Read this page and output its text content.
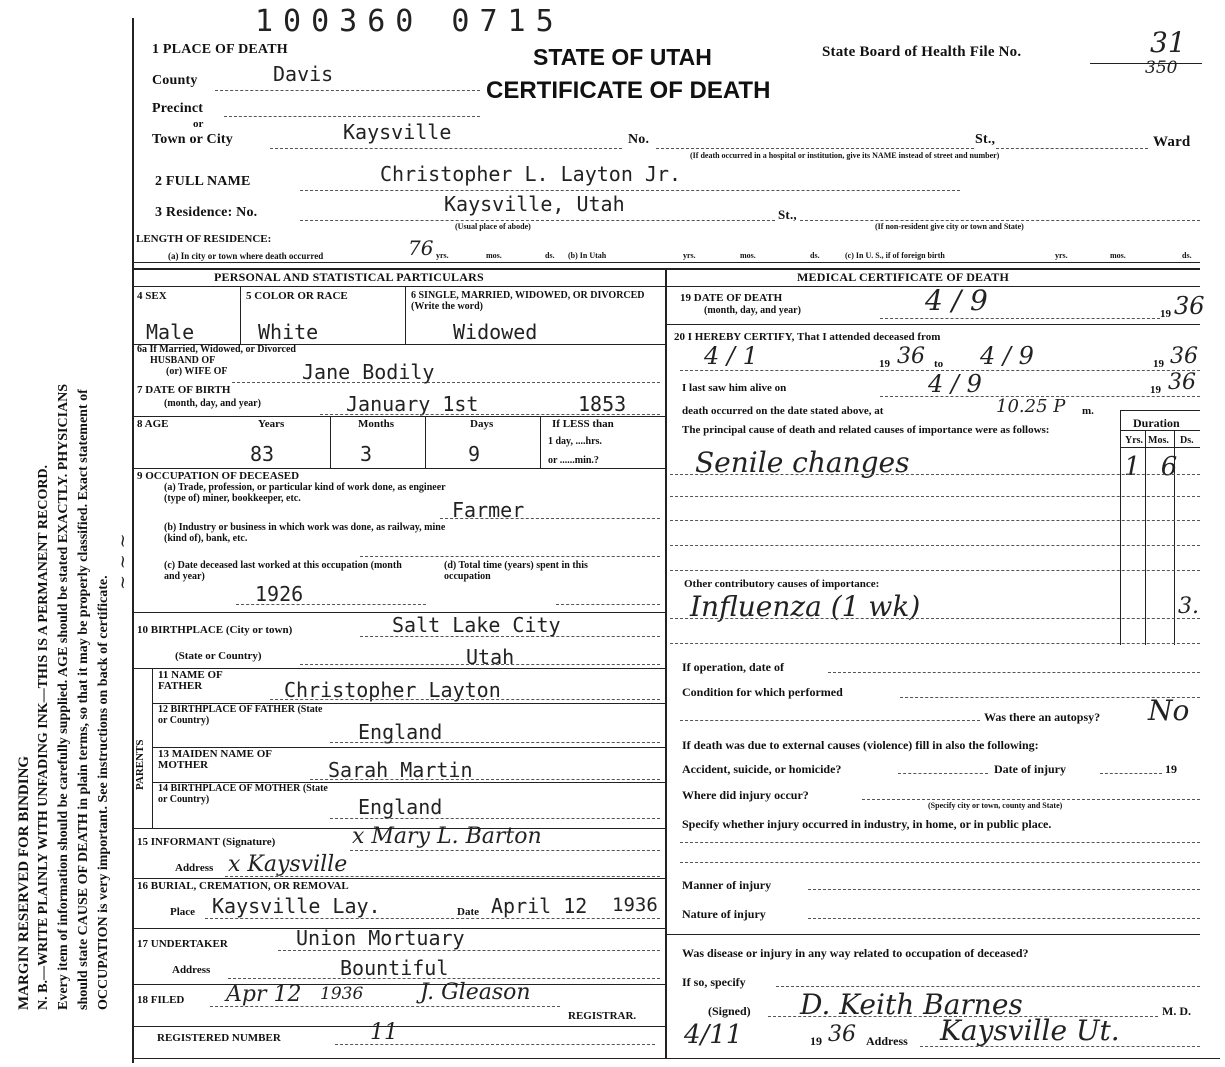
MARGIN RESERVED FOR BINDING N. B.—WRITE PLAINLY WITH UNFADING INK—THIS IS A PERMANENT RECORD. Every item of information should be carefully supplied. AGE should be stated EXACTLY. PHYSICIANS should state CAUSE OF DEATH in plain terms, so that it may be properly classified. Exact statement of OCCUPATION is very important. See instructions on back of certificate.
~ ~ ~
100360 0715
STATE OF UTAH
CERTIFICATE OF DEATH
State Board of Health File No.	31
350
1 PLACE OF DEATH
County	Davis
Precinct
or
Town or City	Kaysville	No.	St.,	Ward
(If death occurred in a hospital or institution, give its NAME instead of street and number)
2 FULL NAME	Christopher L. Layton Jr.
3 Residence: No.	Kaysville, Utah	St.,
(Usual place of abode)	(If non-resident give city or town and State)
LENGTH OF RESIDENCE:
(a) In city or town where death occurred	76 yrs.	mos.	ds. (b) In Utah	yrs.	mos.	ds.	(c) In U. S., if of foreign birth	yrs.	mos.	ds.
PERSONAL AND STATISTICAL PARTICULARS	MEDICAL CERTIFICATE OF DEATH
4 SEX	5 COLOR OR RACE	6 SINGLE, MARRIED, WIDOWED, OR DIVORCED (Write the word)
Male	White	Widowed
6a If Married, Widowed, or Divorced
HUSBAND OF
(or) WIFE OF	Jane Bodily
7 DATE OF BIRTH
(month, day, and year)	January 1st	1853
8 AGE	Years	Months	Days	If LESS than
1 day, ....hrs.
or ......min.?
83	3	9
9 OCCUPATION OF DECEASED
(a) Trade, profession, or particular kind of work done, as engineer (type of) miner, bookkeeper, etc.	Farmer
(b) Industry or business in which work was done, as railway, mine (kind of), bank, etc.
(c) Date deceased last worked at this occupation (month and year)
1926
(d) Total time (years) spent in this occupation
10 BIRTHPLACE (City or town)	Salt Lake City
(State or Country)	Utah
PARENTS
11 NAME OF FATHER	Christopher Layton
12 BIRTHPLACE OF FATHER (State or Country)	England
13 MAIDEN NAME OF MOTHER	Sarah Martin
14 BIRTHPLACE OF MOTHER (State or Country)	England
15 INFORMANT (Signature)	x Mary L. Barton
Address x Kaysville
16 BURIAL, CREMATION, OR REMOVAL
Place Kaysville Lay.	Date April 12 1936
17 UNDERTAKER	Union Mortuary
Address	Bountiful
18 FILED Apr 12 1936	J. Gleason
REGISTRAR.
REGISTERED NUMBER	11
19 DATE OF DEATH
(month, day, and year)	4 / 9	19 36
20 I HEREBY CERTIFY, That I attended deceased from
4 / 1	19 36 to 4 / 9	19 36
I last saw him alive on	4 / 9	19 36
death occurred on the date stated above, at	10.25 P m.
The principal cause of death and related causes of importance were as follows:
Senile changes
Duration
Yrs. Mos. Ds.
1 6
Other contributory causes of importance:
Influenza (1 wk)	3.
If operation, date of
Condition for which performed
Was there an autopsy? No
If death was due to external causes (violence) fill in also the following:
Accident, suicide, or homicide?	Date of injury	19
Where did injury occur?
(Specify city or town, county and State)
Specify whether injury occurred in industry, in home, or in public place.
Manner of injury
Nature of injury
Was disease or injury in any way related to occupation of deceased?
If so, specify
(Signed) D. Keith Barnes	M. D.
4/11	19 36 Address Kaysville Ut.
